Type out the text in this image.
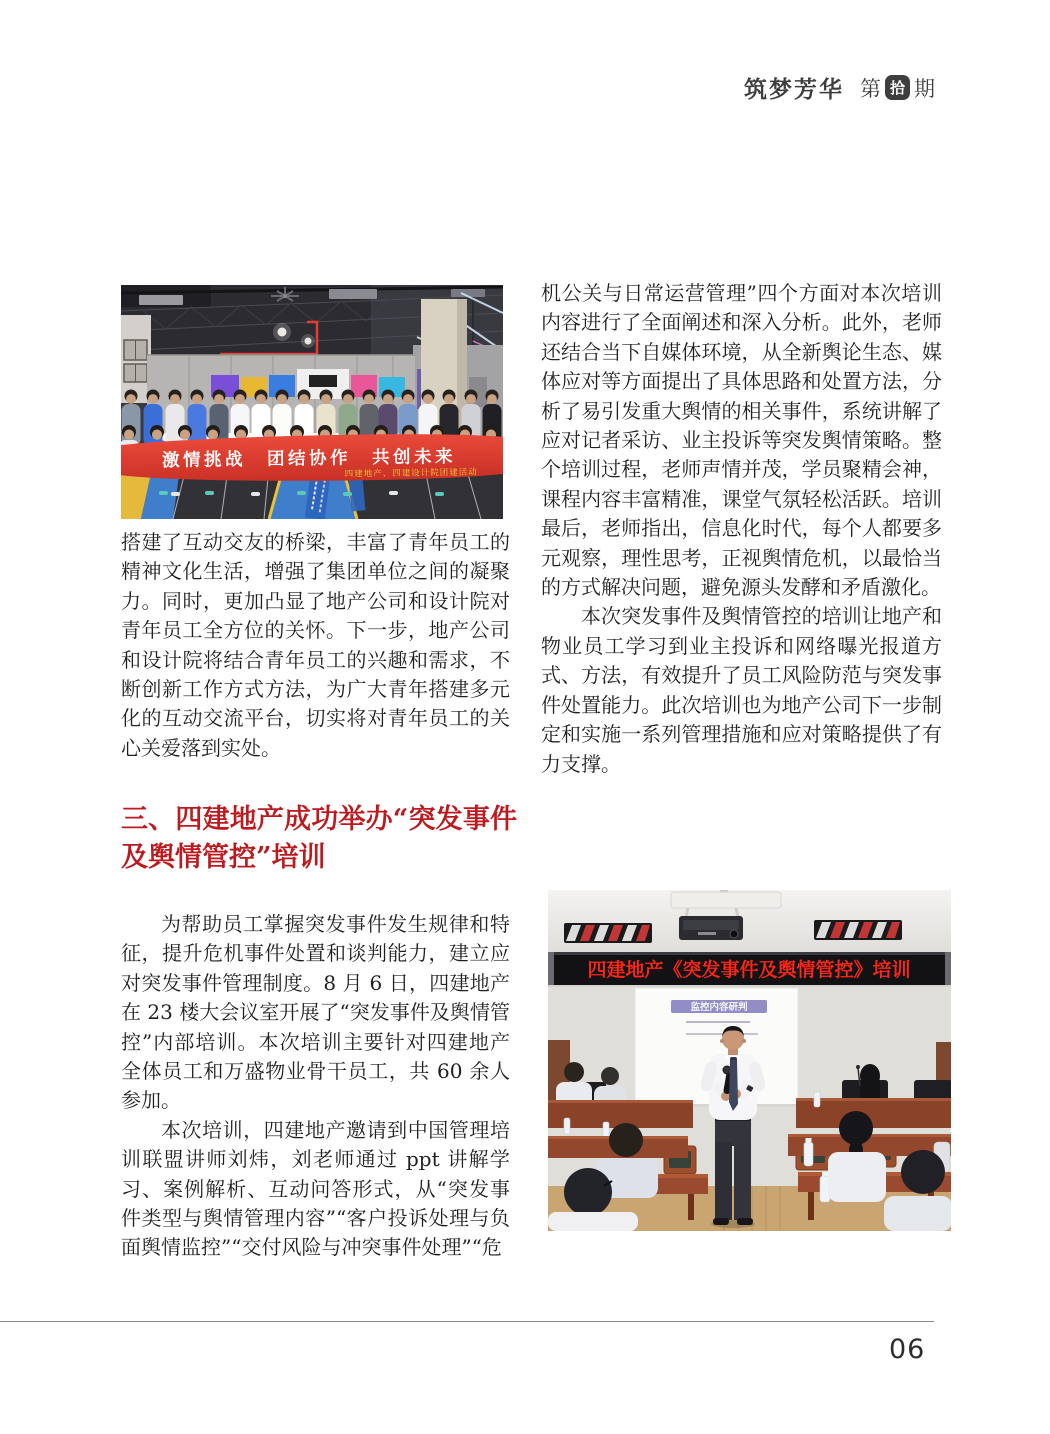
筑梦芳华 第 拾 期
激情挑战　团结协作　共创未来
四建地产、四建设计院团建活动

搭建了互动交友的桥梁，丰富了青年员工的精神文化生活，增强了集团单位之间的凝聚力。同时，更加凸显了地产公司和设计院对青年员工全方位的关怀。下一步，地产公司和设计院将结合青年员工的兴趣和需求，不断创新工作方式方法，为广大青年搭建多元化的互动交流平台，切实将对青年员工的关心关爱落到实处。

三、四建地产成功举办“突发事件及舆情管控”培训

为帮助员工掌握突发事件发生规律和特征，提升危机事件处置和谈判能力，建立应对突发事件管理制度。8 月 6 日，四建地产在 23 楼大会议室开展了“突发事件及舆情管控”内部培训。本次培训主要针对四建地产全体员工和万盛物业骨干员工，共 60 余人参加。

本次培训，四建地产邀请到中国管理培训联盟讲师刘炜，刘老师通过 ppt 讲解学习、案例解析、互动问答形式，从“突发事件类型与舆情管理内容”“客户投诉处理与负面舆情监控”“交付风险与冲突事件处理”“危

机公关与日常运营管理”四个方面对本次培训内容进行了全面阐述和深入分析。此外，老师还结合当下自媒体环境，从全新舆论生态、媒体应对等方面提出了具体思路和处置方法，分析了易引发重大舆情的相关事件，系统讲解了应对记者采访、业主投诉等突发舆情策略。整个培训过程，老师声情并茂，学员聚精会神，课程内容丰富精准，课堂气氛轻松活跃。培训最后，老师指出，信息化时代，每个人都要多元观察，理性思考，正视舆情危机，以最恰当的方式解决问题，避免源头发酵和矛盾激化。

本次突发事件及舆情管控的培训让地产和物业员工学习到业主投诉和网络曝光报道方式、方法，有效提升了员工风险防范与突发事件处置能力。此次培训也为地产公司下一步制定和实施一系列管理措施和应对策略提供了有力支撑。

四建地产《突发事件及舆情管控》培训
监控内容研判
06
